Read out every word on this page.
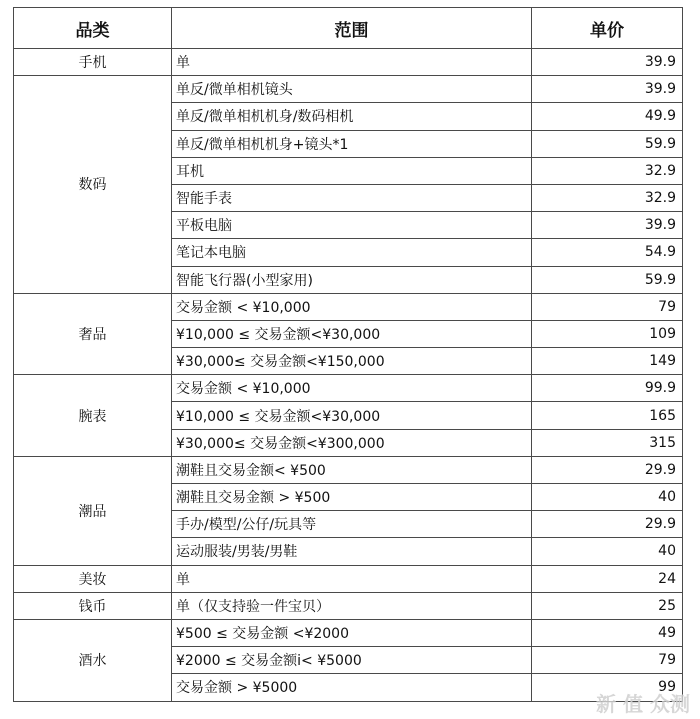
品类	范围	单价
手机	单	39.9
数码	单反/微单相机镜头	39.9
	单反/微单相机机身/数码相机	49.9
	单反/微单相机机身+镜头*1	59.9
	耳机	32.9
	智能手表	32.9
	平板电脑	39.9
	笔记本电脑	54.9
	智能飞行器(小型家用)	59.9
奢品	交易金额 < ¥10,000	79
	¥10,000 ≤ 交易金额<¥30,000	109
	¥30,000≤ 交易金额<¥150,000	149
腕表	交易金额 < ¥10,000	99.9
	¥10,000 ≤ 交易金额<¥30,000	165
	¥30,000≤ 交易金额<¥300,000	315
潮品	潮鞋且交易金额< ¥500	29.9
	潮鞋且交易金额 > ¥500	40
	手办/模型/公仔/玩具等	29.9
	运动服装/男装/男鞋	40
美妆	单	24
钱币	单（仅支持验一件宝贝）	25
酒水	¥500 ≤ 交易金额 <¥2000	49
	¥2000 ≤ 交易金额i< ¥5000	79
	交易金额 > ¥5000	99
新 值 众测
